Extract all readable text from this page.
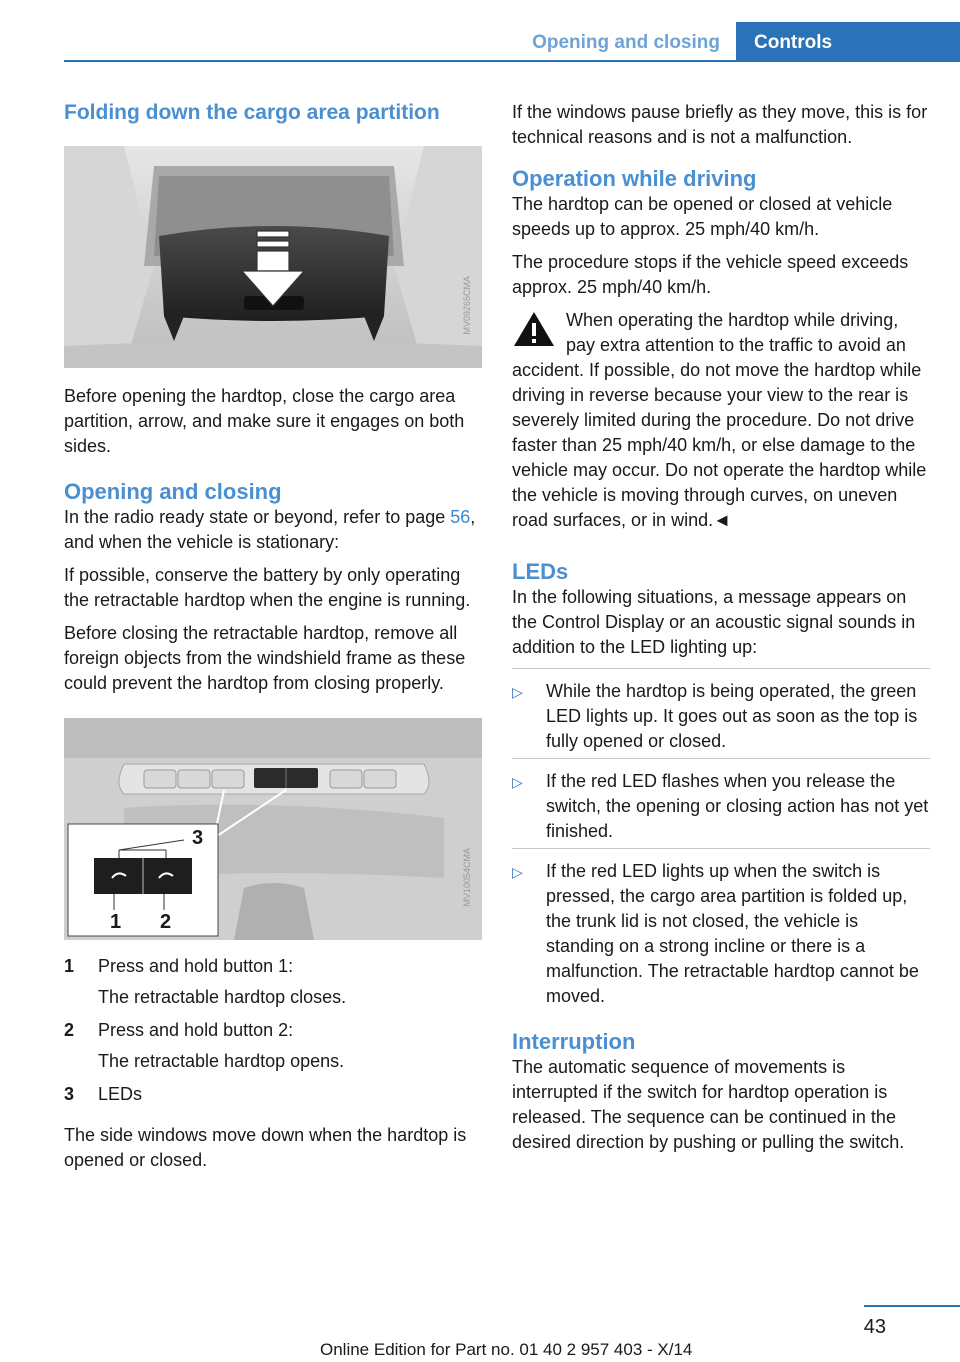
Opening and closing	Controls
Folding down the cargo area partition
MV09265CMA

Before opening the hardtop, close the cargo area partition, arrow, and make sure it engages on both sides.

Opening and closing

In the radio ready state or beyond, refer to page 56, and when the vehicle is stationary:

If possible, conserve the battery by only operating the retractable hardtop when the engine is running.

Before closing the retractable hardtop, remove all foreign objects from the windshield frame as these could prevent the hardtop from closing properly.

3
1 2
MV10054CMA
1	Press and hold button 1:
The retractable hardtop closes.
2	Press and hold button 2:
The retractable hardtop opens.
3	LEDs

The side windows move down when the hardtop is opened or closed.

If the windows pause briefly as they move, this is for technical reasons and is not a malfunction.

Operation while driving

The hardtop can be opened or closed at vehicle speeds up to approx. 25 mph/40 km/h.

The procedure stops if the vehicle speed exceeds approx. 25 mph/40 km/h.

When operating the hardtop while driving, pay extra attention to the traffic to avoid an accident. If possible, do not move the hardtop while driving in reverse because your view to the rear is severely limited during the procedure. Do not drive faster than 25 mph/40 km/h, or else damage to the vehicle may occur. Do not operate the hardtop while the vehicle is moving through curves, on uneven road surfaces, or in wind.◄
LEDs

In the following situations, a message appears on the Control Display or an acoustic signal sounds in addition to the LED lighting up:

▷	While the hardtop is being operated, the green LED lights up. It goes out as soon as the top is fully opened or closed.
▷	If the red LED flashes when you release the switch, the opening or closing action has not yet finished.
▷	If the red LED lights up when the switch is pressed, the cargo area partition is folded up, the trunk lid is not closed, the vehicle is standing on a strong incline or there is a malfunction. The retractable hardtop cannot be moved.
Interruption

The automatic sequence of movements is interrupted if the switch for hardtop operation is released. The sequence can be continued in the desired direction by pushing or pulling the switch.

43
Online Edition for Part no. 01 40 2 957 403 - X/14
